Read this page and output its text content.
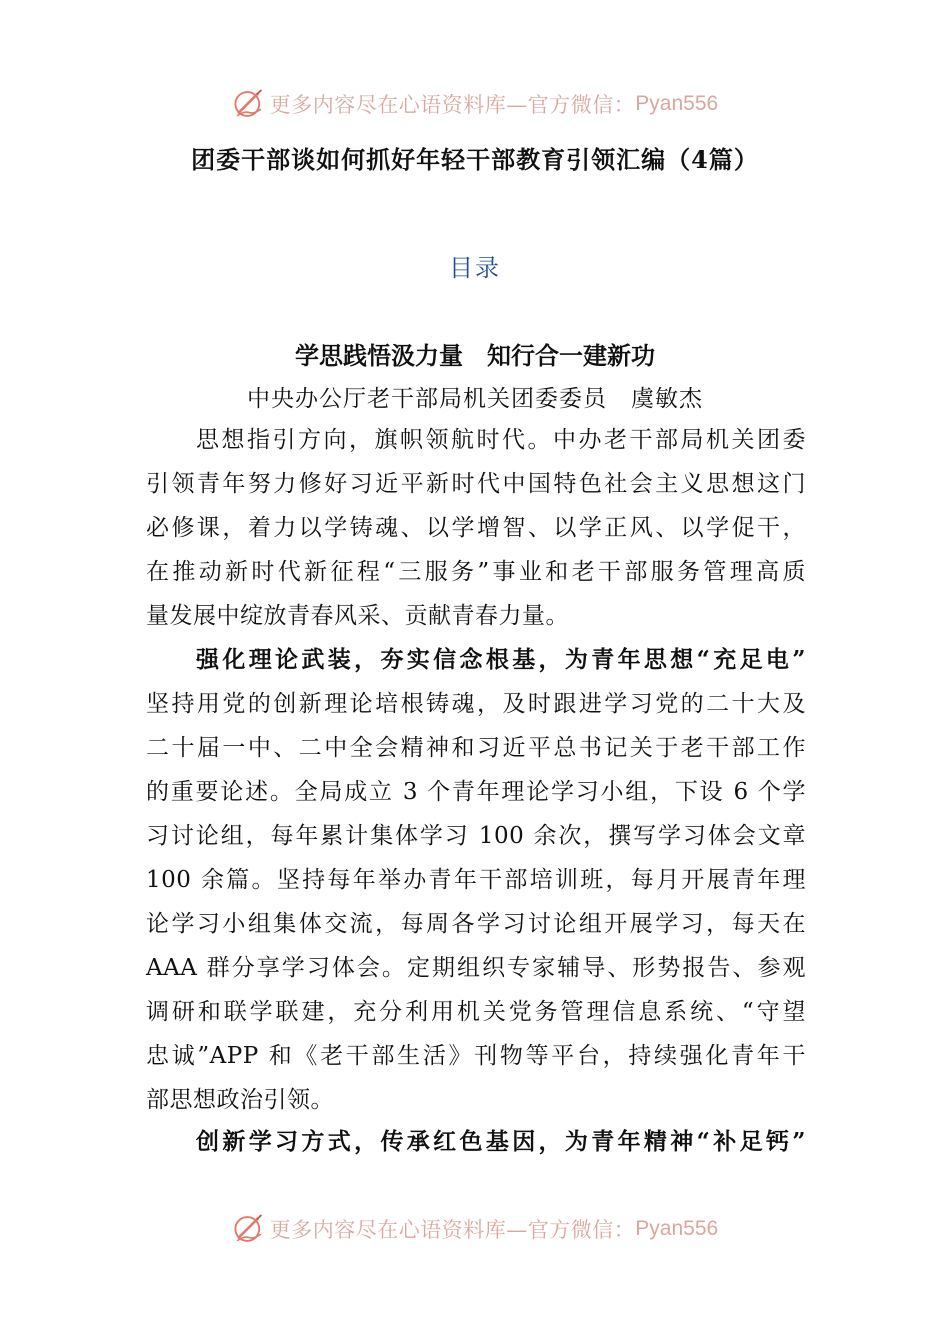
更多内容尽在心语资料库—官方微信： Pyan556
团委干部谈如何抓好年轻干部教育引领汇编（4篇）
目录
学思践悟汲力量　知行合一建新功
中央办公厅老干部局机关团委委员　虞敏杰
思想指引方向，旗帜领航时代。中办老干部局机关团委
引领青年努力修好习近平新时代中国特色社会主义思想这门
必修课，着力以学铸魂、以学增智、以学正风、以学促干，
在推动新时代新征程“三服务”事业和老干部服务管理高质
量发展中绽放青春风采、贡献青春力量。
强化理论武装，夯实信念根基，为青年思想“充足电”
坚持用党的创新理论培根铸魂，及时跟进学习党的二十大及
二十届一中、二中全会精神和习近平总书记关于老干部工作
的重要论述。全局成立 3 个青年理论学习小组，下设 6 个学
习讨论组，每年累计集体学习 100 余次，撰写学习体会文章
100 余篇。坚持每年举办青年干部培训班，每月开展青年理
论学习小组集体交流，每周各学习讨论组开展学习，每天在
AAA 群分享学习体会。定期组织专家辅导、形势报告、参观
调研和联学联建，充分利用机关党务管理信息系统、“守望
忠诚”APP 和《老干部生活》刊物等平台，持续强化青年干
部思想政治引领。
创新学习方式，传承红色基因，为青年精神“补足钙”
更多内容尽在心语资料库—官方微信： Pyan556
